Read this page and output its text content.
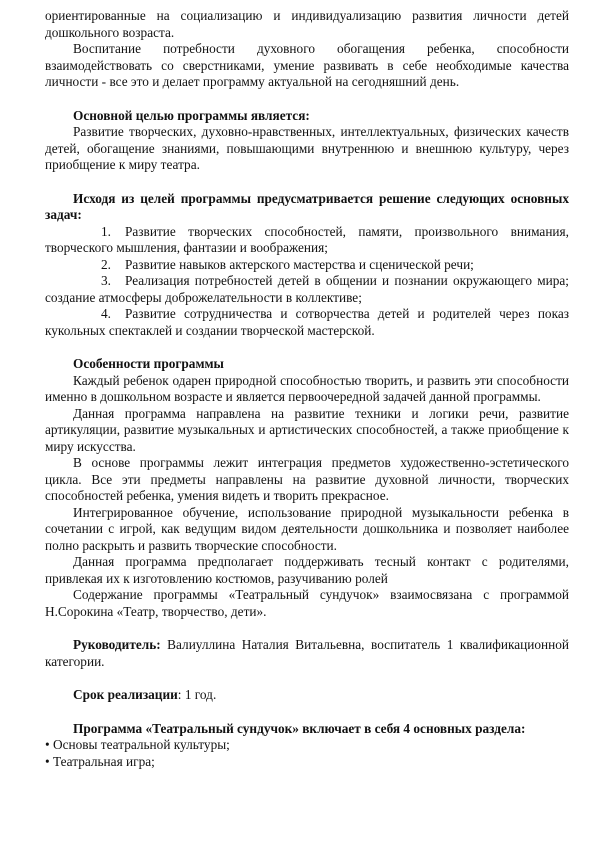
ориентированные на социализацию и индивидуализацию развития личности детей дошкольного возраста.

Воспитание потребности духовного обогащения ребенка, способности взаимодействовать со сверстниками, умение развивать в себе необходимые качества личности - все это и делает программу актуальной на сегодняшний день.

Основной целью программы является:

Развитие творческих, духовно-нравственных, интеллектуальных, физических качеств детей, обогащение знаниями, повышающими внутреннюю и внешнюю культуру, через приобщение к миру театра.

Исходя из целей программы предусматривается решение следующих основных задач:

1. Развитие творческих способностей, памяти, произвольного внимания, творческого мышления, фантазии и воображения;

2. Развитие навыков актерского мастерства и сценической речи;

3. Реализация потребностей детей в общении и познании окружающего мира; создание атмосферы доброжелательности в коллективе;

4. Развитие сотрудничества и сотворчества детей и родителей через показ кукольных спектаклей и создании творческой мастерской.

Особенности программы

Каждый ребенок одарен природной способностью творить, и развить эти способности именно в дошкольном возрасте и является первоочередной задачей данной программы.

Данная программа направлена на развитие техники и логики речи, развитие артикуляции, развитие музыкальных и артистических способностей, а также приобщение к миру искусства.

В основе программы лежит интеграция предметов художественно-эстетического цикла. Все эти предметы направлены на развитие духовной личности, творческих способностей ребенка, умения видеть и творить прекрасное.

Интегрированное обучение, использование природной музыкальности ребенка в сочетании с игрой, как ведущим видом деятельности дошкольника и позволяет наиболее полно раскрыть и развить творческие способности.

Данная программа предполагает поддерживать тесный контакт с родителями, привлекая их к изготовлению костюмов, разучиванию ролей

Содержание программы «Театральный сундучок» взаимосвязана с программой Н.Сорокина «Театр, творчество, дети».

Руководитель: Валиуллина Наталия Витальевна, воспитатель 1 квалификационной категории.

Срок реализации: 1 год.

Программа «Театральный сундучок» включает в себя 4 основных раздела:

• Основы театральной культуры;

• Театральная игра;
